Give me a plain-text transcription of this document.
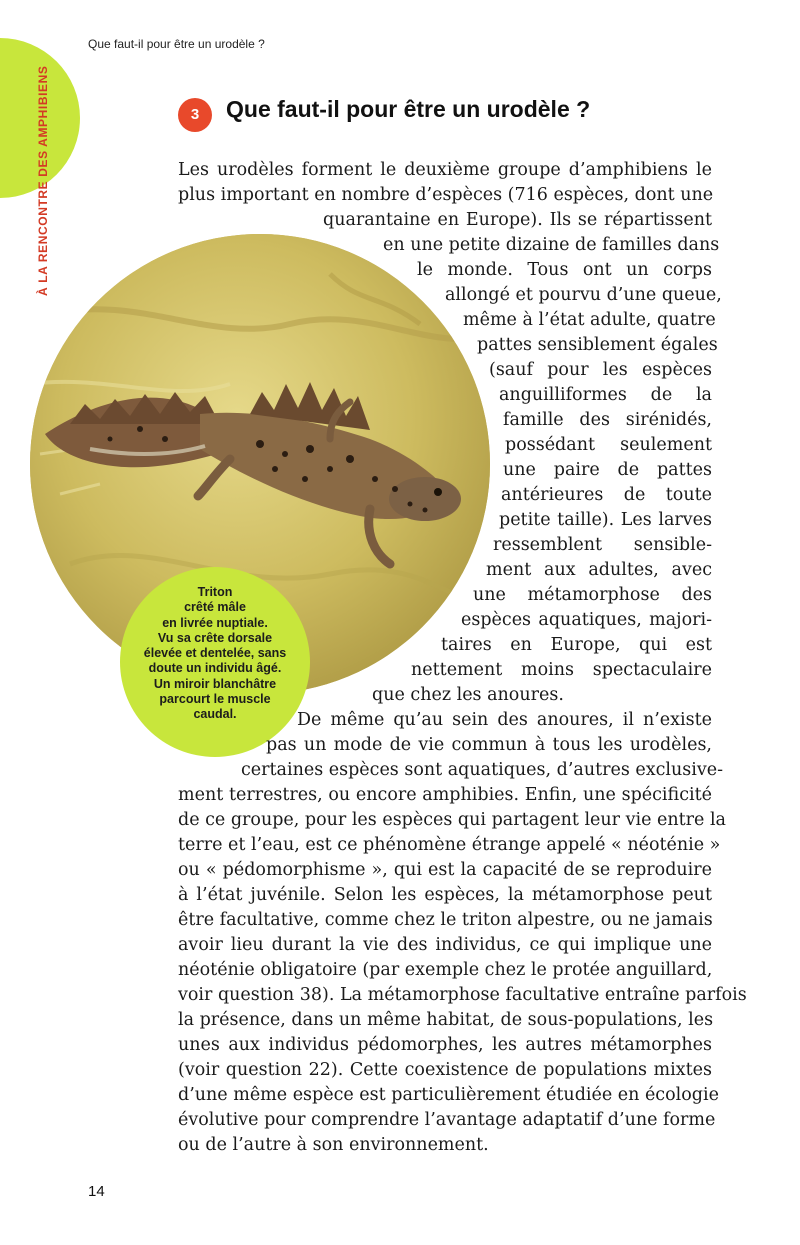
Que faut-il pour être un urodèle ?
À LA RENCONTRE DES AMPHIBIENS	3	Que faut-il pour être un urodèle ?
Triton
crêté mâle
en livrée nuptiale.
Vu sa crête dorsale
élevée et dentelée, sans
doute un individu âgé.
Un miroir blanchâtre
parcourt le muscle
caudal.
Les urodèles forment le deuxième groupe d’amphibiens le
plus important en nombre d’espèces (716 espèces, dont une
quarantaine en Europe). Ils se répartissent
en une petite dizaine de familles dans
le monde. Tous ont un corps
allongé et pourvu d’une queue,
même à l’état adulte, quatre
pattes sensiblement égales
(sauf pour les espèces
anguilliformes de la
famille des sirénidés,
possédant seulement
une paire de pattes
antérieures de toute
petite taille). Les larves
ressemblent sensible-
ment aux adultes, avec
une métamorphose des
espèces aquatiques, majori-
taires en Europe, qui est
nettement moins spectaculaire
que chez les anoures.
De même qu’au sein des anoures, il n’existe
pas un mode de vie commun à tous les urodèles,
certaines espèces sont aquatiques, d’autres exclusive-
ment terrestres, ou encore amphibies. Enfin, une spécificité
de ce groupe, pour les espèces qui partagent leur vie entre la
terre et l’eau, est ce phénomène étrange appelé « néoténie »
ou « pédomorphisme », qui est la capacité de se reproduire
à l’état juvénile. Selon les espèces, la métamorphose peut
être facultative, comme chez le triton alpestre, ou ne jamais
avoir lieu durant la vie des individus, ce qui implique une
néoténie obligatoire (par exemple chez le protée anguillard,
voir question 38). La métamorphose facultative entraîne parfois
la présence, dans un même habitat, de sous-populations, les
unes aux individus pédomorphes, les autres métamorphes
(voir question 22). Cette coexistence de populations mixtes
d’une même espèce est particulièrement étudiée en écologie
évolutive pour comprendre l’avantage adaptatif d’une forme
ou de l’autre à son environnement.
14
